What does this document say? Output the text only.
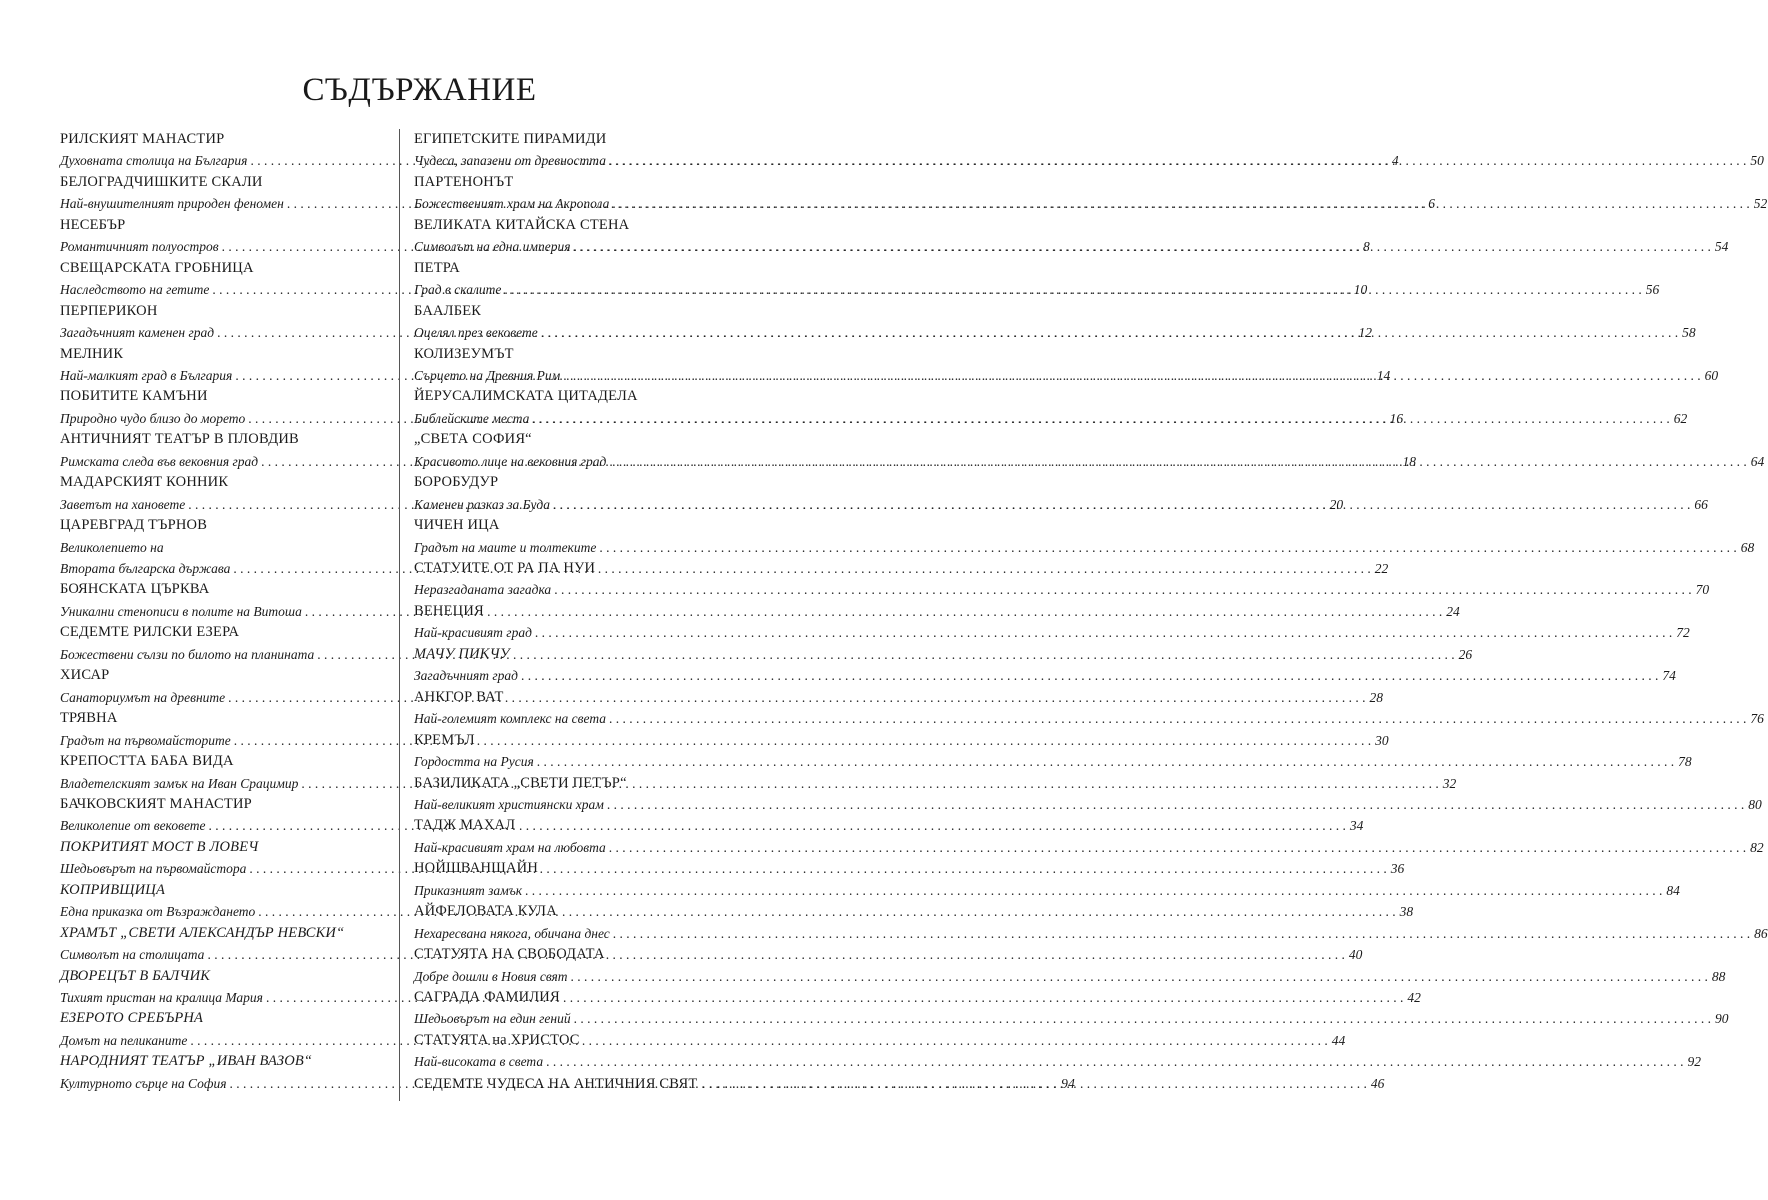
СЪДЪРЖАНИЕ
РИЛСКИЯТ МАНАСТИР
Духовната столица на България . . .	4
БЕЛОГРАДЧИШКИТЕ СКАЛИ
Най-внушителният природен феномен . . .	6
НЕСЕБЪР
Романтичният полуостров . . .	8
СВЕЩАРСКАТА ГРОБНИЦА
Наследството на гетите . . .	10
ПЕРПЕРИКОН
Загадъчният каменен град . . .	12
МЕЛНИК
Най-малкият град в България . . .	14
ПОБИТИТЕ КАМЪНИ
Природно чудо близо до морето . . .	16
АНТИЧНИЯТ ТЕАТЪР В ПЛОВДИВ
Римската следа във вековния град . . .	18
МАДАРСКИЯТ КОННИК
Заветът на хановете . . .	20
ЦАРЕВГРАД ТЪРНОВ
Великолепието на
Втората българска държава . . .	22
БОЯНСКАТА ЦЪРКВА
Уникални стенописи в полите на Витоша . . .	24
СЕДЕМТЕ РИЛСКИ ЕЗЕРА
Божествени сълзи по билото на планината . . .	26
ХИСАР
Санаториумът на древните . . .	28
ТРЯВНА
Градът на първомайсторите . . .	30
КРЕПОСТТА БАБА ВИДА
Владетелският замък на Иван Срацимир . . .	32
БАЧКОВСКИЯТ МАНАСТИР
Великолепие от вековете . . .	34
ПОКРИТИЯТ МОСТ В ЛОВЕЧ
Шедьовърът на първомайстора . . .	36
КОПРИВЩИЦА
Една приказка от Възраждането . . .	38
ХРАМЪТ „СВЕТИ АЛЕКСАНДЪР НЕВСКИ“
Символът на столицата . . .	40
ДВОРЕЦЪТ В БАЛЧИК
Тихият пристан на кралица Мария . . .	42
ЕЗЕРОТО СРЕБЪРНА
Домът на пеликаните . . .	44
НАРОДНИЯТ ТЕАТЪР „ИВАН ВАЗОВ“
Културното сърце на София . . .	46
ЕГИПЕТСКИТЕ ПИРАМИДИ
Чудеса, запазени от древността . . .	50
ПАРТЕНОНЪТ
Божественият храм на Акропола . . .	52
ВЕЛИКАТА КИТАЙСКА СТЕНА
Символът на една империя . . .	54
ПЕТРА
Град в скалите . . .	56
БААЛБЕК
Оцелял през вековете . . .	58
КОЛИЗЕУМЪТ
Сърцето на Древния Рим . . .	60
ЙЕРУСАЛИМСКАТА ЦИТАДЕЛА
Библейските места . . .	62
„СВЕТА СОФИЯ“
Красивото лице на вековния град . . .	64
БОРОБУДУР
Каменен разказ за Буда . . .	66
ЧИЧЕН ИЦА
Градът на маите и толтеките . . .	68
СТАТУИТЕ ОТ РА ПА НУИ
Неразгаданата загадка . . .	70
ВЕНЕЦИЯ
Най-красивият град . . .	72
МАЧУ ПИКЧУ
Загадъчният град . . .	74
АНКГОР ВАТ
Най-големият комплекс на света . . .	76
КРЕМЪЛ
Гордостта на Русия . . .	78
БАЗИЛИКАТА „СВЕТИ ПЕТЪР“
Най-великият християнски храм . . .	80
ТАДЖ МАХАЛ
Най-красивият храм на любовта . . .	82
НОЙШВАНЩАЙН
Приказният замък . . .	84
АЙФЕЛОВАТА КУЛА
Нехаресвана някога, обичана днес . . .	86
СТАТУЯТА НА СВОБОДАТА
Добре дошли в Новия свят . . .	88
САГРАДА ФАМИЛИЯ
Шедьовърът на един гений . . .	90
СТАТУЯТА на ХРИСТОС
Най-високата в света . . .	92
СЕДЕМТЕ ЧУДЕСА НА АНТИЧНИЯ СВЯТ . . .	94
